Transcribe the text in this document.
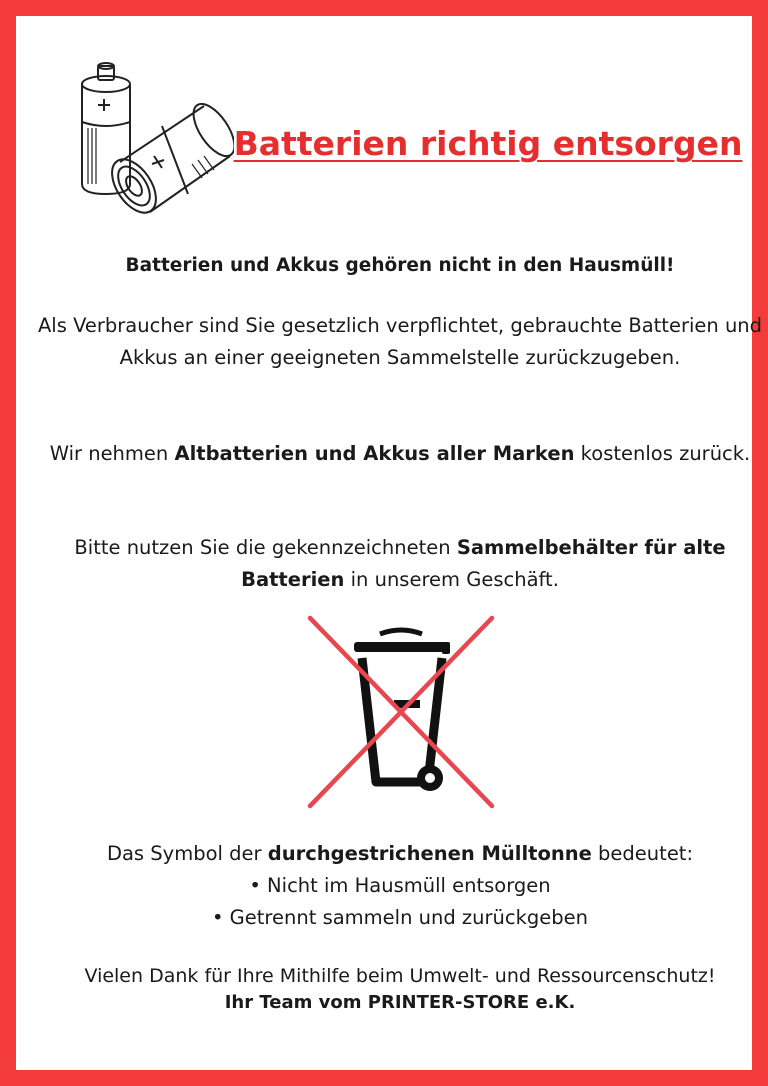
Batterien richtig entsorgen

Batterien und Akkus gehören nicht in den Hausmüll!

Als Verbraucher sind Sie gesetzlich verpflichtet, gebrauchte Batterien und Akkus an einer geeigneten Sammelstelle zurückzugeben.

Wir nehmen Altbatterien und Akkus aller Marken kostenlos zurück.

Bitte nutzen Sie die gekennzeichneten Sammelbehälter für alte Batterien in unserem Geschäft.

Das Symbol der durchgestrichenen Mülltonne bedeutet:
• Nicht im Hausmüll entsorgen
• Getrennt sammeln und zurückgeben

Vielen Dank für Ihre Mithilfe beim Umwelt- und Ressourcenschutz!

Ihr Team vom PRINTER-STORE e.K.
